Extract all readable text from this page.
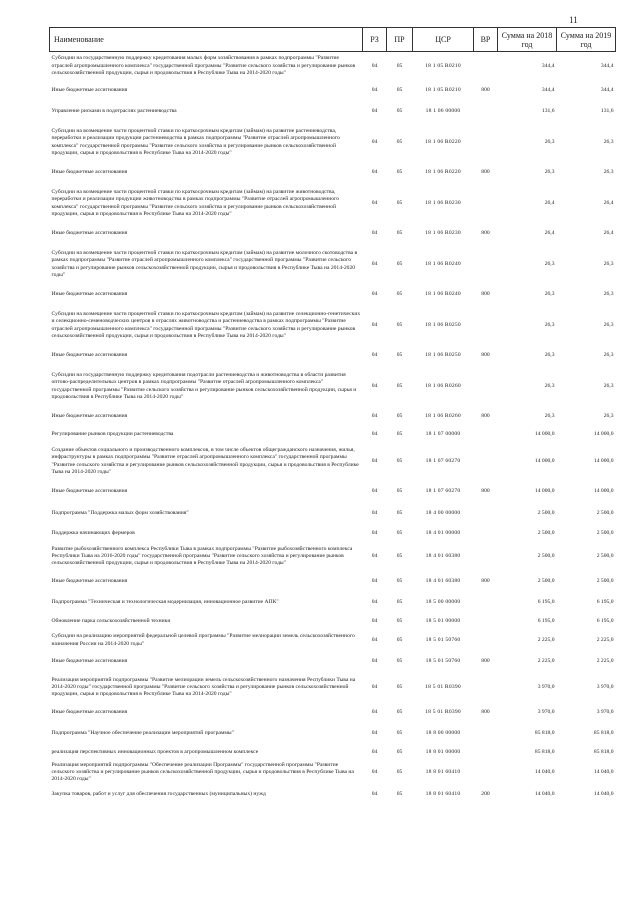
11
Наименование	РЗ	ПР	ЦСР	ВР	Сумма на 2018 год	Сумма на 2019 год
Субсидии на государственную поддержку кредитования малых форм хозяйствования в рамках подпрограммы "Развитие отраслей агропромышленного комплекса" государственной программы "Развитие сельского хозяйства и регулирование рынков сельскохозяйственной продукции, сырья и продовольствия в Республике Тыва на 2014-2020 годы"	04	05	18 1 05 R0210		344,4	344,4
Иные бюджетные ассигнования	04	05	18 1 05 R0210	800	344,4	344,4
Управление рисками в подотраслях растениеводства	04	05	18 1 06 00000		131,6	131,6
Субсидии на возмещение части процентной ставки по краткосрочным кредитам (займам) на развитие растениеводства, переработки и реализации продукции растениеводства в рамках подпрограммы "Развитие отраслей агропромышленного комплекса" государственной программы "Развитие сельского хозяйства и регулирование рынков сельскохозяйственной продукции, сырья и продовольствия в Республике Тыва на 2014-2020 годы"	04	05	18 1 06 R0220		26,3	26,3
Иные бюджетные ассигнования	04	05	18 1 06 R0220	800	26,3	26,3
Субсидии на возмещение части процентной ставки по краткосрочным кредитам (займам) на развитие животноводства, переработки и реализации продукции животноводства в рамках подпрограммы "Развитие отраслей агропромышленного комплекса" государственной программы "Развитие сельского хозяйства и регулирование рынков сельскохозяйственной продукции, сырья и продовольствия в Республике Тыва на 2014-2020 годы"	04	05	18 1 06 R0230		26,4	26,4
Иные бюджетные ассигнования	04	05	18 1 06 R0230	800	26,4	26,4
Субсидии на возмещение части процентной ставки по краткосрочным кредитам (займам) на развитие молочного скотоводства в рамках подпрограммы "Развитие отраслей агропромышленного комплекса" государственной программы "Развитие сельского хозяйства и регулирование рынков сельскохозяйственной продукции, сырья и продовольствия в Республике Тыва на 2014-2020 годы"	04	05	18 1 06 R0240		26,3	26,3
Иные бюджетные ассигнования	04	05	18 1 06 R0240	800	26,3	26,3
Субсидии на возмещение части процентной ставки по краткосрочным кредитам (займам) на развитие селекционно-генетических и селекционно-семеноводческих центров в отраслях животноводства и растениеводства в рамках подпрограммы "Развитие отраслей агропромышленного комплекса" государственной программы "Развитие сельского хозяйства и регулирование рынков сельскохозяйственной продукции, сырья и продовольствия в Республике Тыва на 2014-2020 годы"	04	05	18 1 06 R0250		26,3	26,3
Иные бюджетные ассигнования	04	05	18 1 06 R0250	800	26,3	26,3
Субсидии на государственную поддержку кредитования подотрасли растениеводства и животноводства в области развития оптово-распределительных центров в рамках подпрограммы "Развитие отраслей агропромышленного комплекса" государственной программы "Развитие сельского хозяйства и регулирование рынков сельскохозяйственной продукции, сырья и продовольствия в Республике Тыва на 2014-2020 годы"	04	05	18 1 06 R0260		26,3	26,3
Иные бюджетные ассигнования	04	05	18 1 06 R0260	800	26,3	26,3
Регулирование рынков продукции растениеводства	04	05	18 1 07 00000		14 000,0	14 000,0
Создание объектов социального и производственного комплексов, в том числе объектов общегражданского назначения, жилья, инфраструктуры в рамках подпрограммы "Развитие отраслей агропромышленного комплекса" государственной программы "Развитие сельского хозяйства и регулирование рынков сельскохозяйственной продукции, сырья и продовольствия в Республике Тыва на 2014-2020 годы"	04	05	18 1 07 60270		14 000,0	14 000,0
Иные бюджетные ассигнования	04	05	18 1 07 60270	800	14 000,0	14 000,0
Подпрограмма "Поддержка малых форм хозяйствования"	04	05	18 4 00 00000		2 500,0	2 500,0
Поддержка начинающих фермеров	04	05	18 4 01 00000		2 500,0	2 500,0
Развитие рыбохозяйственного комплекса Республики Тыва в рамках подпрограммы "Развитие рыбохозяйственного комплекса Республики Тыва на 2016-2020 годы" государственной программы "Развитие сельского хозяйства и регулирование рынков сельскохозяйственной продукции, сырья и продовольствия в Республике Тыва на 2014-2020 годы"	04	05	18 4 01 60380		2 500,0	2 500,0
Иные бюджетные ассигнования	04	05	18 4 01 60380	800	2 500,0	2 500,0
Подпрограмма "Техническая и технологическая модернизация, инновационное развитие АПК"	04	05	18 5 00 00000		6 195,0	6 195,0
Обновление парка сельскохозяйственной техники	04	05	18 5 01 00000		6 195,0	6 195,0
Субсидии на реализацию мероприятий федеральной целевой программы "Развитие мелиорации земель сельскохозяйственного назначения России на 2014-2020 годы"	04	05	18 5 01 50760		2 225,0	2 225,0
Иные бюджетные ассигнования	04	05	18 5 01 50760	800	2 225,0	2 225,0
Реализация мероприятий подпрограммы "Развитие мелиорации земель сельскохозяйственного назначения Республики Тыва на 2014-2020 годы" государственной программы "Развитие сельского хозяйства и регулирование рынков сельскохозяйственной продукции, сырья и продовольствия в Республике Тыва на 2014-2020 годы"	04	05	18 5 01 R0390		3 970,0	3 970,0
Иные бюджетные ассигнования	04	05	18 5 01 R0390	800	3 970,0	3 970,0
Подпрограмма "Научное обеспечение реализации мероприятий программы"	04	05	18 8 00 00000		85 818,0	85 818,0
реализация перспективных инновационных проектов в агропромышленном комплексе	04	05	18 8 01 00000		85 818,0	85 818,0
Реализация мероприятий подпрограммы "Обеспечение реализации Программы" государственной программы "Развитие сельского хозяйства и регулирование рынков сельскохозяйственной продукции, сырья и продовольствия в Республике Тыва на 2014-2020 годы"	04	05	18 8 01 60410		14 040,0	14 040,0
Закупка товаров, работ и услуг для обеспечения государственных (муниципальных) нужд	04	05	18 8 01 60410	200	14 040,0	14 040,0
